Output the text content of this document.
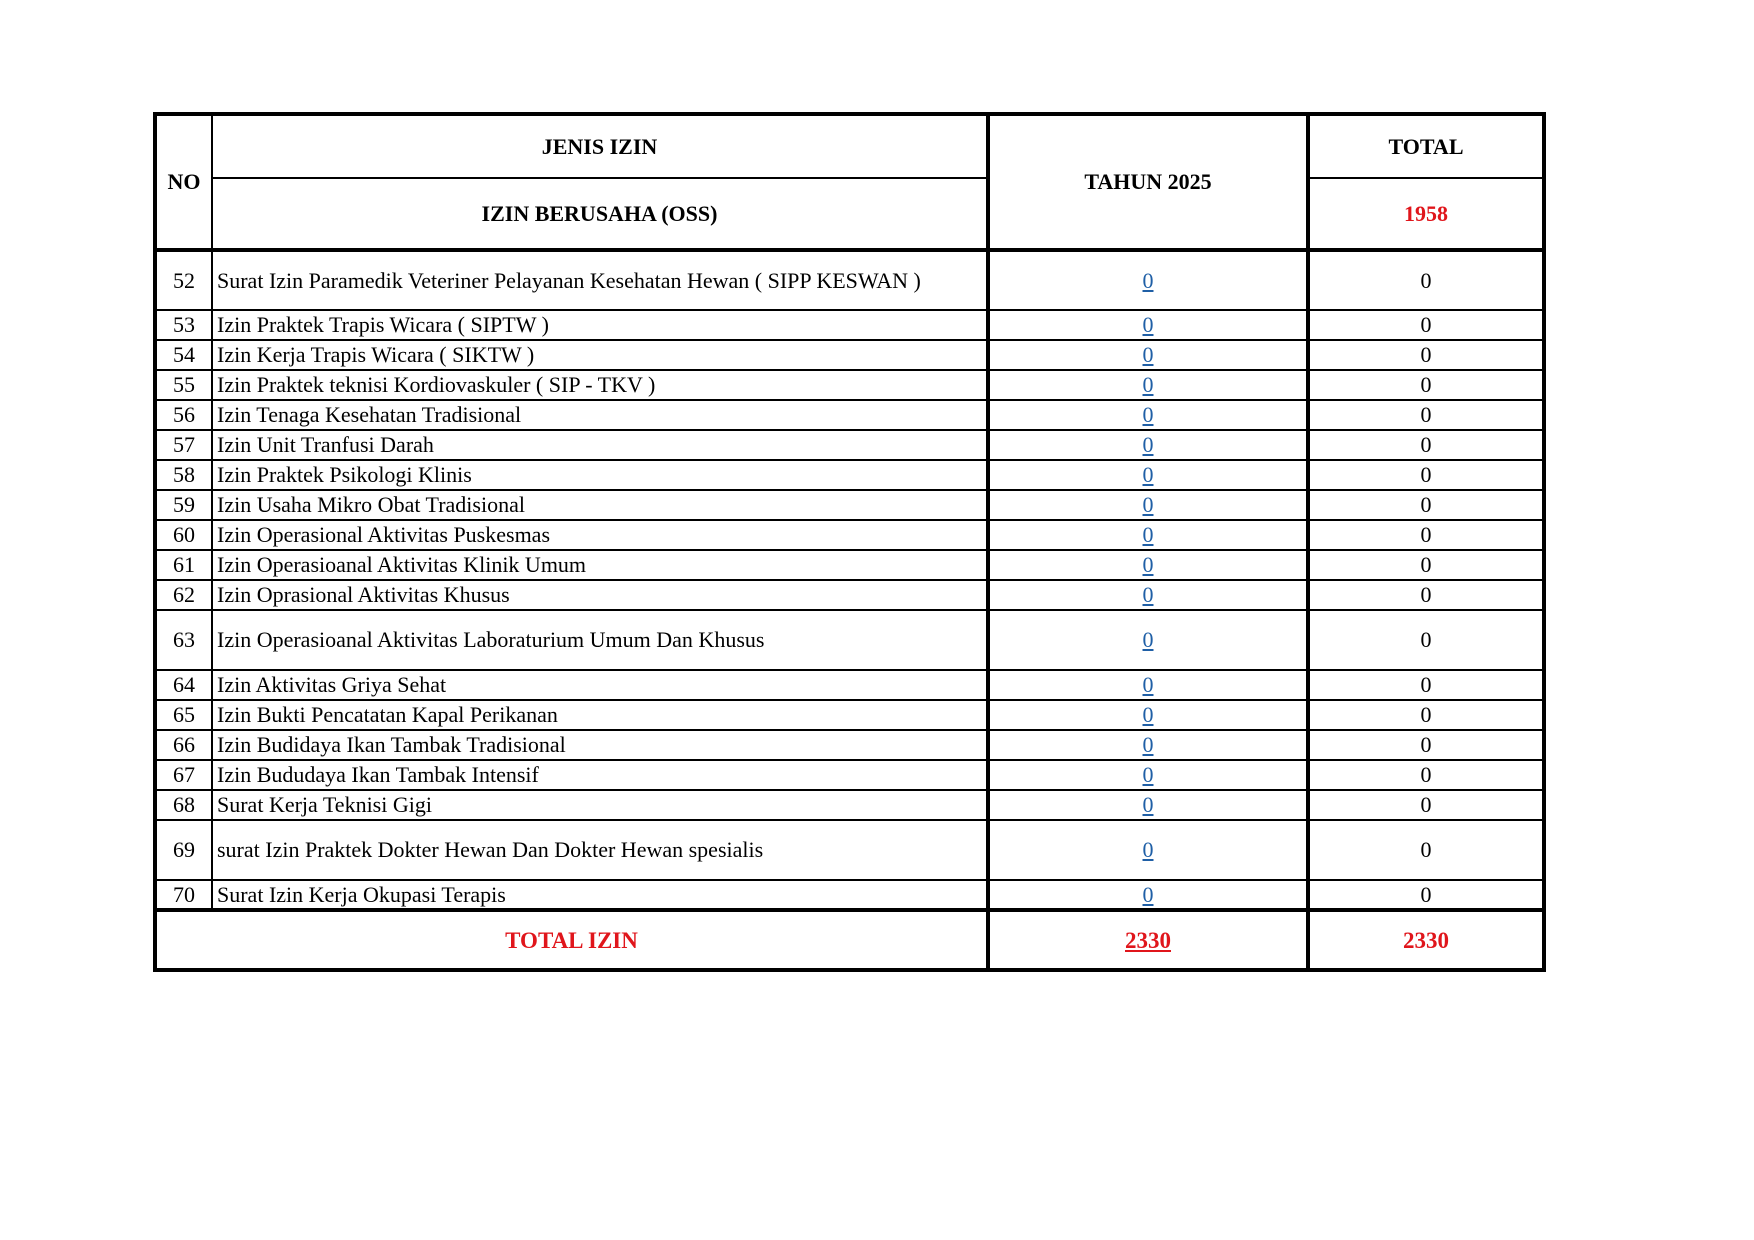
NO	JENIS IZIN	TAHUN 2025	TOTAL
	IZIN BERUSAHA (OSS)		1958
52	Surat Izin Paramedik Veteriner Pelayanan Kesehatan Hewan ( SIPP KESWAN )	0	0
53	Izin Praktek Trapis Wicara ( SIPTW )	0	0
54	Izin Kerja Trapis Wicara ( SIKTW )	0	0
55	Izin Praktek teknisi Kordiovaskuler ( SIP - TKV )	0	0
56	Izin Tenaga Kesehatan Tradisional	0	0
57	Izin Unit Tranfusi Darah	0	0
58	Izin Praktek Psikologi Klinis	0	0
59	Izin Usaha Mikro Obat Tradisional	0	0
60	Izin Operasional Aktivitas Puskesmas	0	0
61	Izin Operasioanal Aktivitas Klinik Umum	0	0
62	Izin Oprasional Aktivitas Khusus	0	0
63	Izin Operasioanal Aktivitas Laboraturium Umum Dan Khusus	0	0
64	Izin Aktivitas Griya Sehat	0	0
65	Izin Bukti Pencatatan Kapal Perikanan	0	0
66	Izin Budidaya Ikan Tambak Tradisional	0	0
67	Izin Bududaya Ikan Tambak Intensif	0	0
68	Surat Kerja Teknisi Gigi	0	0
69	surat Izin Praktek Dokter Hewan Dan Dokter Hewan spesialis	0	0
70	Surat Izin Kerja Okupasi Terapis	0	0
TOTAL IZIN		2330	2330
